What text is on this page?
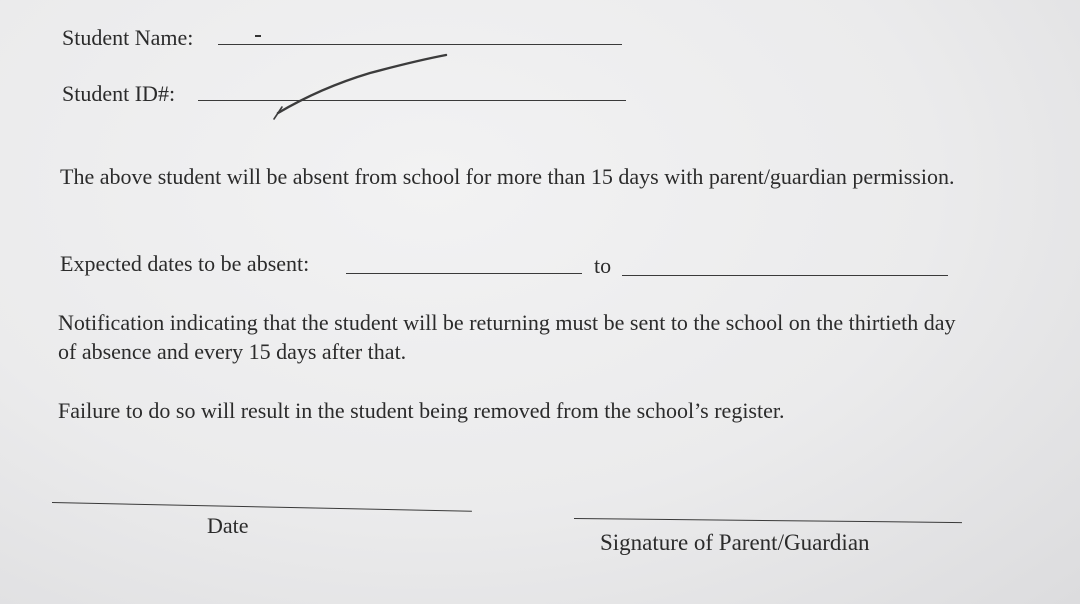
Student Name:
Student ID#:
The above student will be absent from school for more than 15 days with parent/guardian permission.
Expected dates to be absent:	to
Notification indicating that the student will be returning must be sent to the school on the thirtieth day of absence and every 15 days after that.
Failure to do so will result in the student being removed from the school’s register.
Date
Signature of Parent/Guardian
